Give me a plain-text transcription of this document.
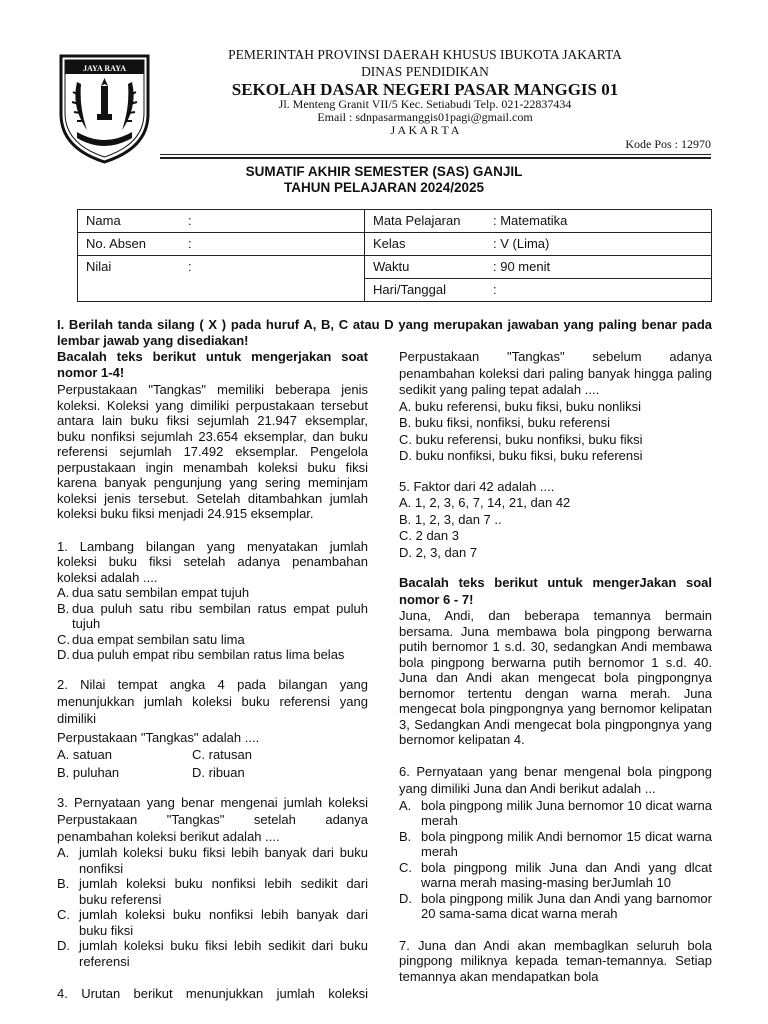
JAYA RAYA
PEMERINTAH PROVINSI DAERAH KHUSUS IBUKOTA JAKARTA
DINAS PENDIDIKAN
SEKOLAH DASAR NEGERI PASAR MANGGIS 01
Jl. Menteng Granit VII/5 Kec. Setiabudi Telp. 021-22837434
Email : sdnpasarmanggis01pagi@gmail.com
J A K A R T A
Kode Pos : 12970
SUMATIF AKHIR SEMESTER (SAS) GANJIL
TAHUN PELAJARAN 2024/2025
Nama :	Mata Pelajaran : Matematika
No. Absen :	Kelas : V (Lima)
Nilai :	Waktu : 90 menit
	Hari/Tanggal :
I. Berilah tanda silang ( X ) pada huruf A, B, C atau D yang merupakan jawaban yang paling benar pada lembar jawab yang disediakan!

Bacalah teks berikut untuk mengerjakan soat nomor 1-4!

Perpustakaan "Tangkas" memiliki beberapa jenis koleksi. Koleksi yang dimiliki perpustakaan tersebut antara lain buku fiksi sejumlah 21.947 eksemplar, buku nonfiksi sejumlah 23.654 eksemplar, dan buku referensi sejumlah 17.492 eksemplar. Pengelola perpustakaan ingin menambah koleksi buku fiksi karena banyak pengunjung yang sering meminjam koleksi jenis tersebut. Setelah ditambahkan jumlah koleksi buku fiksi menjadi 24.915 eksemplar.

1. Lambang bilangan yang menyatakan jumlah koleksi buku fiksi setelah adanya penambahan koleksi adalah ....

A. dua satu sembilan empat tujuh
B. dua puluh satu ribu sembilan ratus empat puluh tujuh
C. dua empat sembilan satu lima
D. dua puluh empat ribu sembilan ratus lima belas

2. Nilai tempat angka 4 pada bilangan yang menunjukkan jumlah koleksi buku referensi yang dimiliki

Perpustakaan "Tangkas" adalah ....

A. satuan	C. ratusan
B. puluhan	D. ribuan

3. Pernyataan yang benar mengenai jumlah koleksi Perpustakaan "Tangkas" setelah adanya penambahan koleksi berikut adalah ....

A. jumlah koleksi buku fiksi lebih banyak dari buku nonfiksi
B. jumlah koleksi buku nonfiksi lebih sedikit dari buku referensi
C. jumlah koleksi buku nonfiksi lebih banyak dari buku fiksi
D. jumlah koleksi buku fiksi lebih sedikit dari buku referensi

4. Urutan berikut menunjukkan jumlah koleksi

Perpustakaan "Tangkas" sebelum adanya penambahan koleksi dari paling banyak hingga paling sedikit yang paling tepat adalah ....

A. buku referensi, buku fiksi, buku nonliksi

B. buku fiksi, nonfiksi, buku referensi

C. buku referensi, buku nonfiksi, buku fiksi

D. buku nonfiksi, buku fiksi, buku referensi

5. Faktor dari 42 adalah ....

A. 1, 2, 3, 6, 7, 14, 21, dan 42

B. 1, 2, 3, dan 7 ..

C. 2 dan 3

D. 2, 3, dan 7

Bacalah teks berikut untuk mengerJakan soal nomor 6 - 7!

Juna, Andi, dan beberapa temannya bermain bersama. Juna membawa bola pingpong berwarna putih bernomor 1 s.d. 30, sedangkan Andi membawa bola pingpong berwarna putih bernomor 1 s.d. 40. Juna dan Andi akan mengecat bola pingpongnya bernomor tertentu dengan warna merah. Juna mengecat bola pingpongnya yang bernomor kelipatan 3, Sedangkan Andi mengecat bola pingpongnya yang bernomor kelipatan 4.

6. Pernyataan yang benar mengenal bola pingpong yang dimiliki Juna dan Andi berikut adalah ...

A. bola pingpong milik Juna bernomor 10 dicat warna merah
B. bola pingpong milik Andi bernomor 15 dicat warna merah
C. bola pingpong milik Juna dan Andi yang dlcat warna merah masing-masing berJumlah 10
D. bola pingpong milik Juna dan Andi yang barnomor 20 sama-sama dicat warna merah

7. Juna dan Andi akan membaglkan seluruh bola pingpong miliknya kepada teman-temannya. Setiap temannya akan mendapatkan bola
